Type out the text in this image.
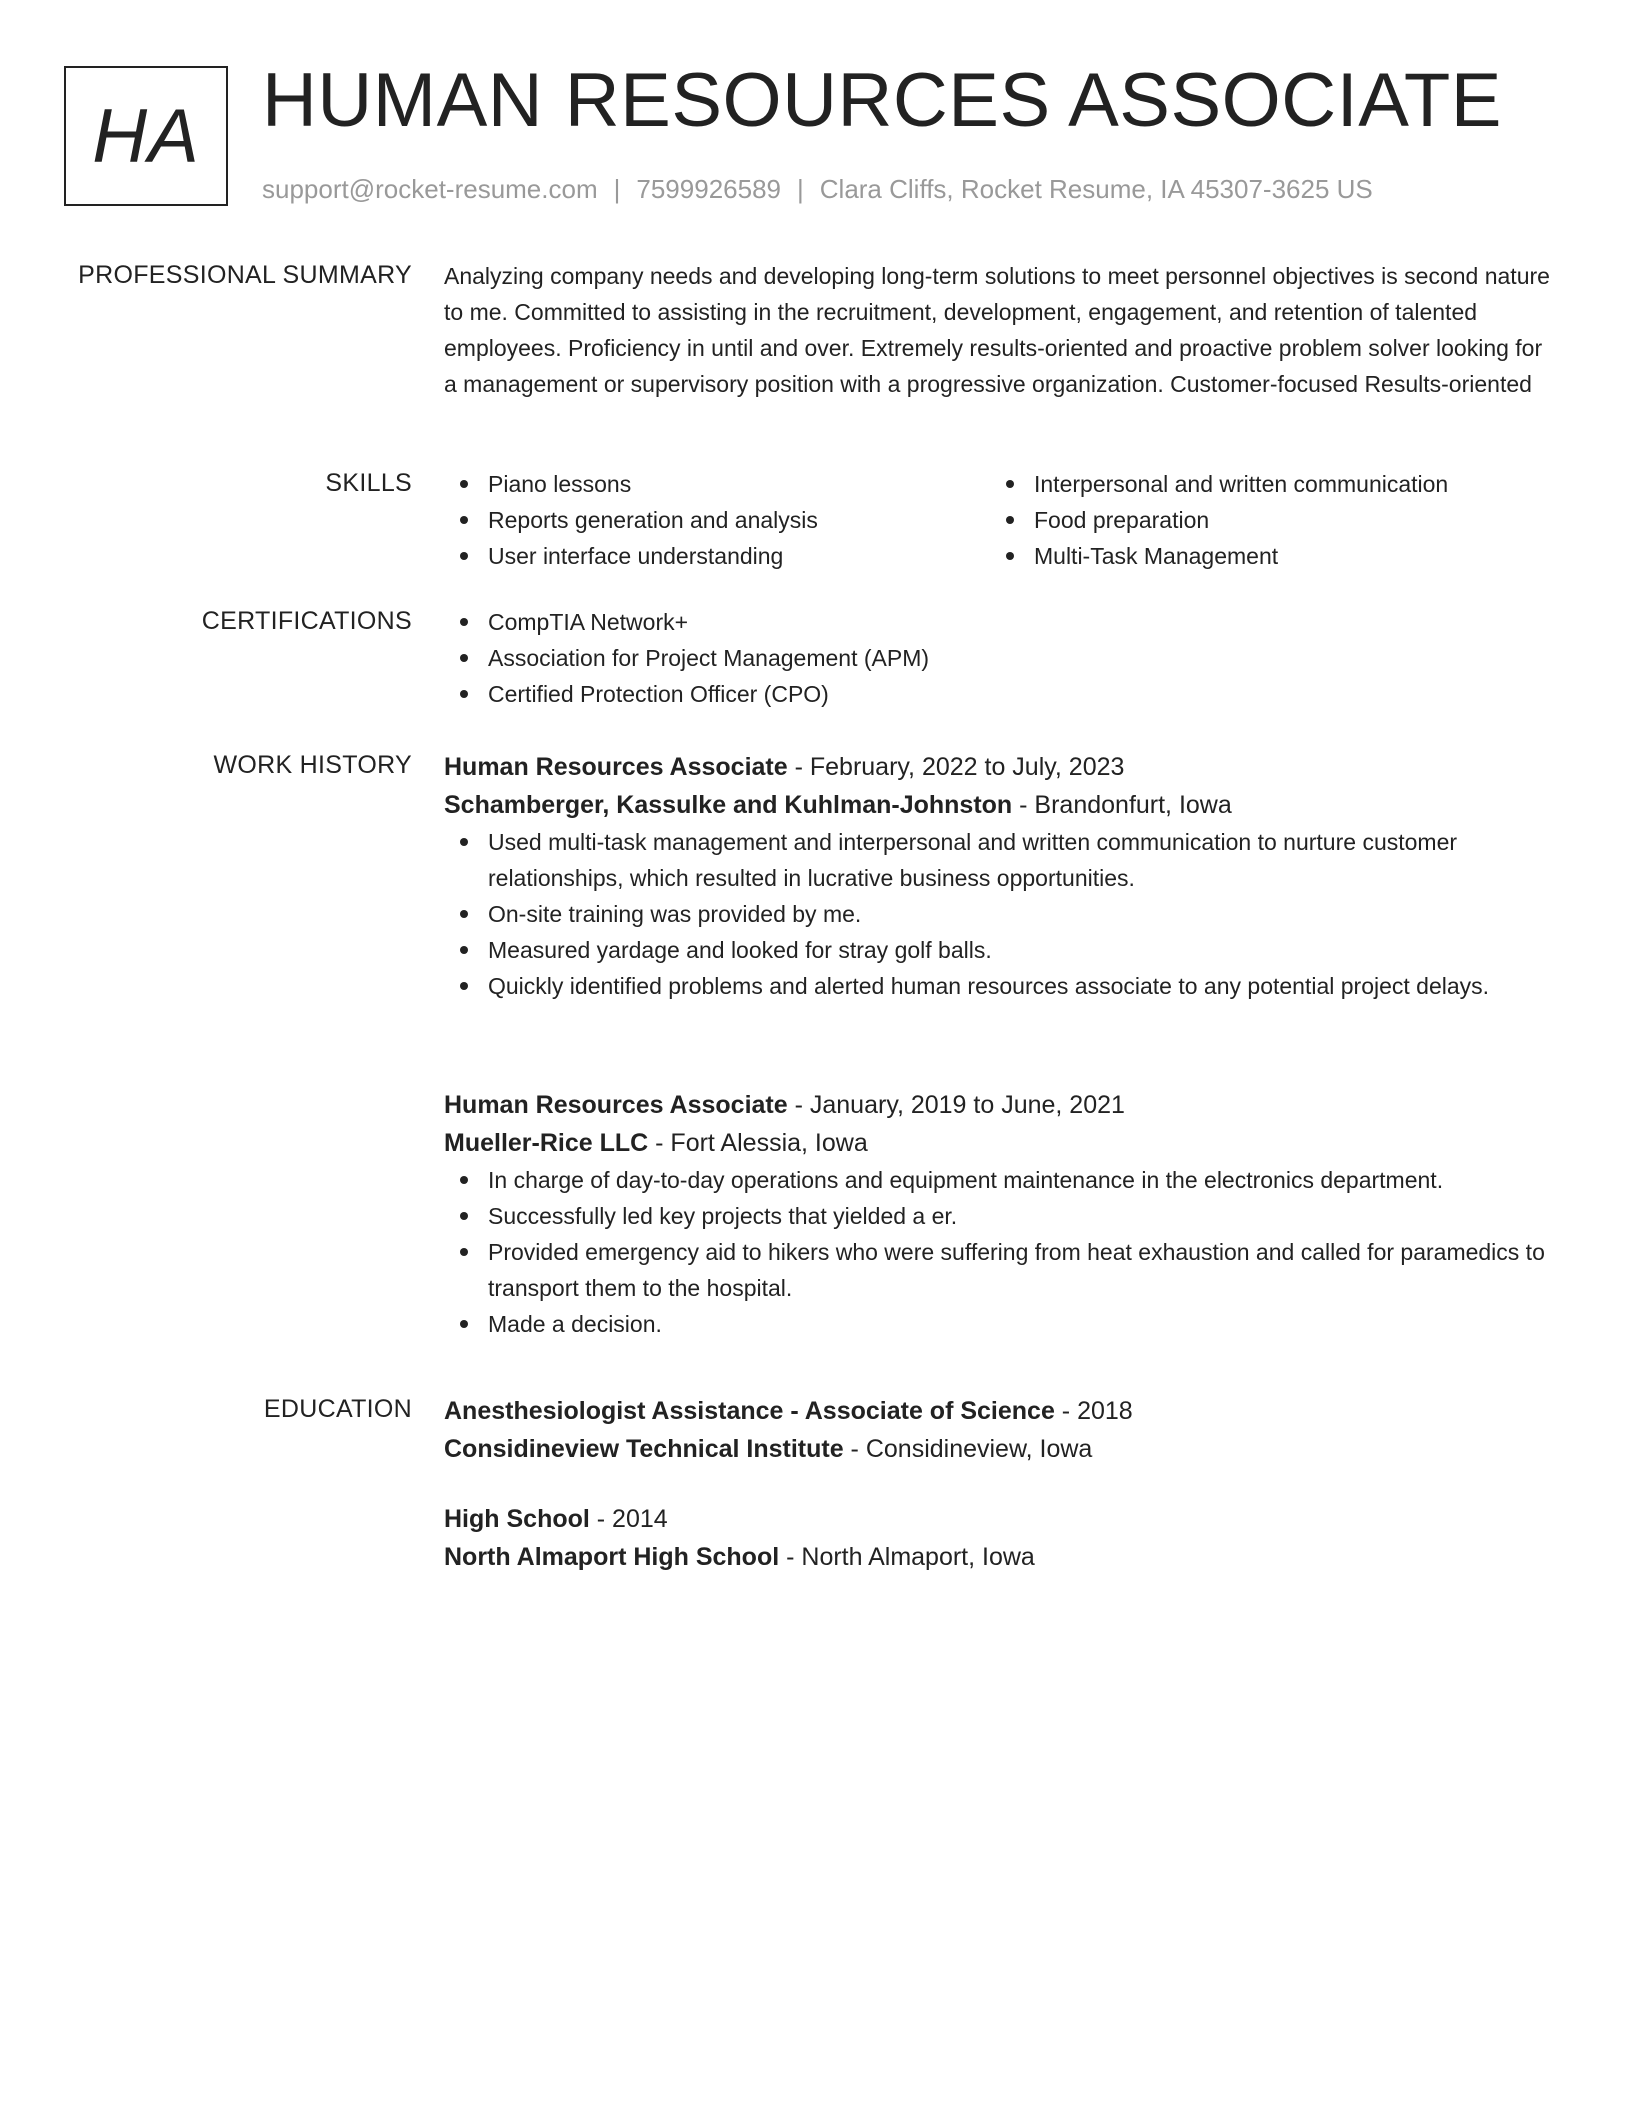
HA HUMAN RESOURCES ASSOCIATE
support@rocket-resume.com | 7599926589 | Clara Cliffs, Rocket Resume, IA 45307-3625 US
PROFESSIONAL SUMMARY Analyzing company needs and developing long-term solutions to meet personnel objectives is second nature to me. Committed to assisting in the recruitment, development, engagement, and retention of talented employees. Proficiency in until and over. Extremely results-oriented and proactive problem solver looking for a management or supervisory position with a progressive organization. Customer-focused Results-oriented

SKILLS	Piano lessons	Interpersonal and written communication
Reports generation and analysis	Food preparation
User interface understanding	Multi-Task Management
CERTIFICATIONS	CompTIA Network+
Association for Project Management (APM)
Certified Protection Officer (CPO)
WORK HISTORY Human Resources Associate - February, 2022 to July, 2023
Schamberger, Kassulke and Kuhlman-Johnston - Brandonfurt, Iowa
Used multi-task management and interpersonal and written communication to nurture customer relationships, which resulted in lucrative business opportunities.
On-site training was provided by me.
Measured yardage and looked for stray golf balls.
Quickly identified problems and alerted human resources associate to any potential project delays.
Human Resources Associate - January, 2019 to June, 2021
Mueller-Rice LLC - Fort Alessia, Iowa
In charge of day-to-day operations and equipment maintenance in the electronics department.
Successfully led key projects that yielded a er.
Provided emergency aid to hikers who were suffering from heat exhaustion and called for paramedics to transport them to the hospital.
Made a decision.
EDUCATION Anesthesiologist Assistance - Associate of Science - 2018
Considineview Technical Institute - Considineview, Iowa
High School - 2014
North Almaport High School - North Almaport, Iowa
